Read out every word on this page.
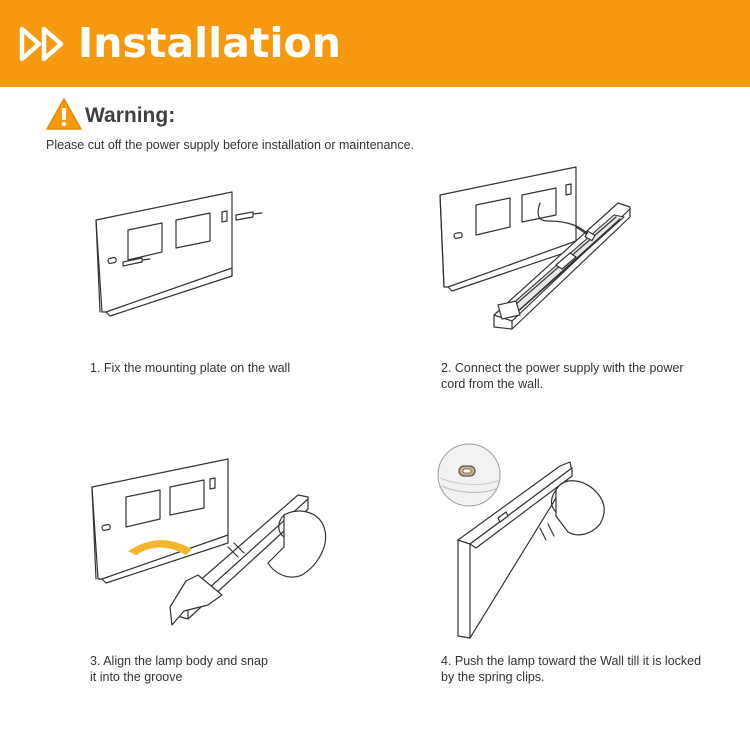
Installation
Warning:
Please cut off the power supply before installation or maintenance.
1. Fix the mounting plate on the wall	2. Connect the power supply with the power
cord from the wall.
3. Align the lamp body and snap
it into the groove
4. Push the lamp toward the Wall till it is locked
by the spring clips.
